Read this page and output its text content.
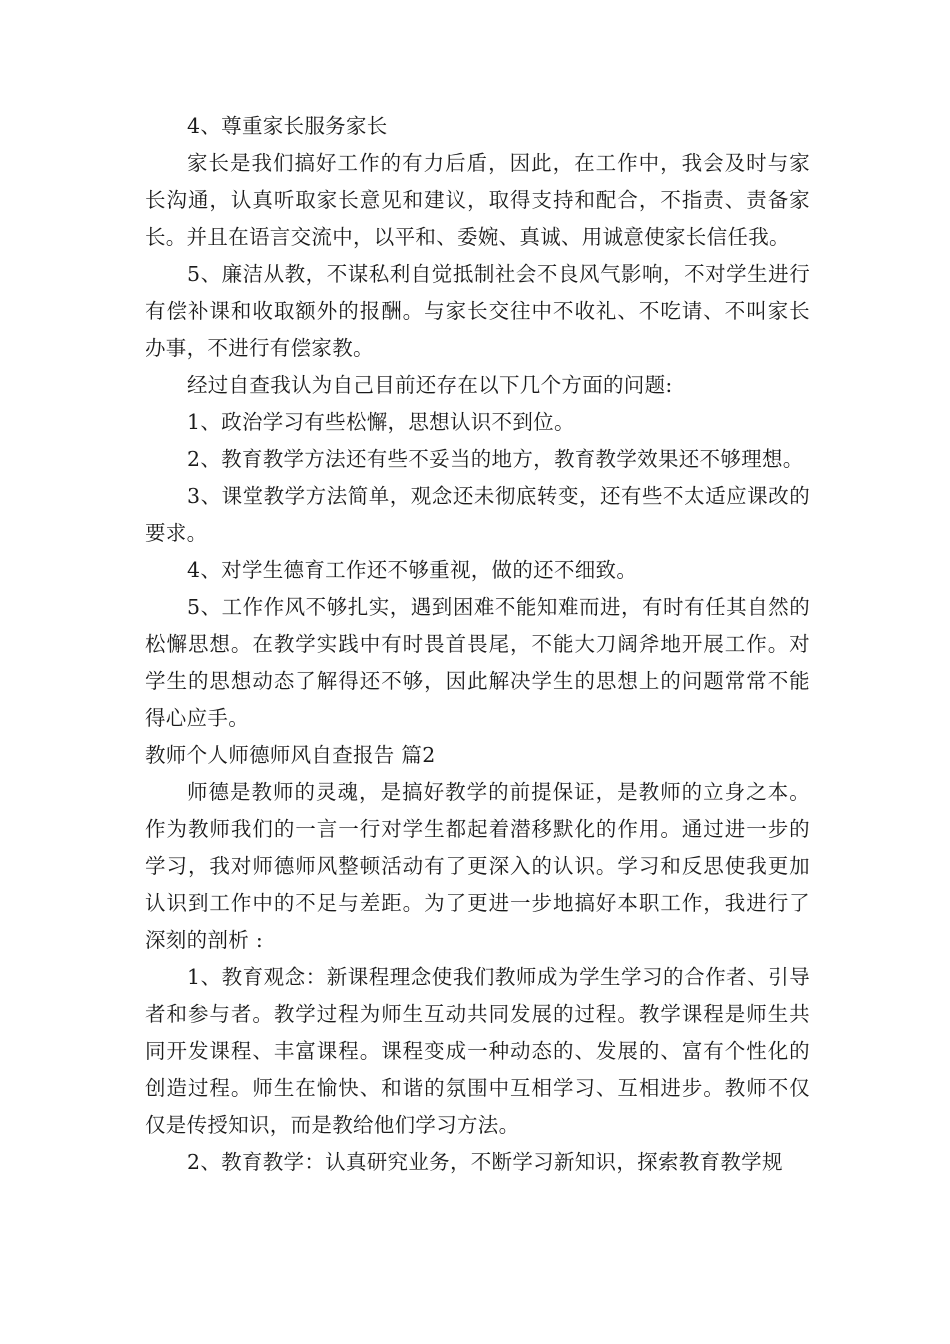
4、尊重家长服务家长

家长是我们搞好工作的有力后盾，因此，在工作中，我会及时与家长沟通，认真听取家长意见和建议，取得支持和配合，不指责、责备家长。并且在语言交流中，以平和、委婉、真诚、用诚意使家长信任我。

5、廉洁从教，不谋私利自觉抵制社会不良风气影响，不对学生进行有偿补课和收取额外的报酬。与家长交往中不收礼、不吃请、不叫家长办事，不进行有偿家教。

经过自查我认为自己目前还存在以下几个方面的问题:

1、政治学习有些松懈，思想认识不到位。

2、教育教学方法还有些不妥当的地方，教育教学效果还不够理想。

3、课堂教学方法简单，观念还未彻底转变，还有些不太适应课改的要求。

4、对学生德育工作还不够重视，做的还不细致。

5、工作作风不够扎实，遇到困难不能知难而进，有时有任其自然的松懈思想。在教学实践中有时畏首畏尾，不能大刀阔斧地开展工作。对学生的思想动态了解得还不够，因此解决学生的思想上的问题常常不能得心应手。

教师个人师德师风自查报告 篇2

师德是教师的灵魂，是搞好教学的前提保证，是教师的立身之本。作为教师我们的一言一行对学生都起着潜移默化的作用。通过进一步的学习，我对师德师风整顿活动有了更深入的认识。学习和反思使我更加认识到工作中的不足与差距。为了更进一步地搞好本职工作，我进行了深刻的剖析 :

1、教育观念：新课程理念使我们教师成为学生学习的合作者、引导者和参与者。教学过程为师生互动共同发展的过程。教学课程是师生共同开发课程、丰富课程。课程变成一种动态的、发展的、富有个性化的创造过程。师生在愉快、和谐的氛围中互相学习、互相进步。教师不仅仅是传授知识，而是教给他们学习方法。

2、教育教学：认真研究业务，不断学习新知识，探索教育教学规
